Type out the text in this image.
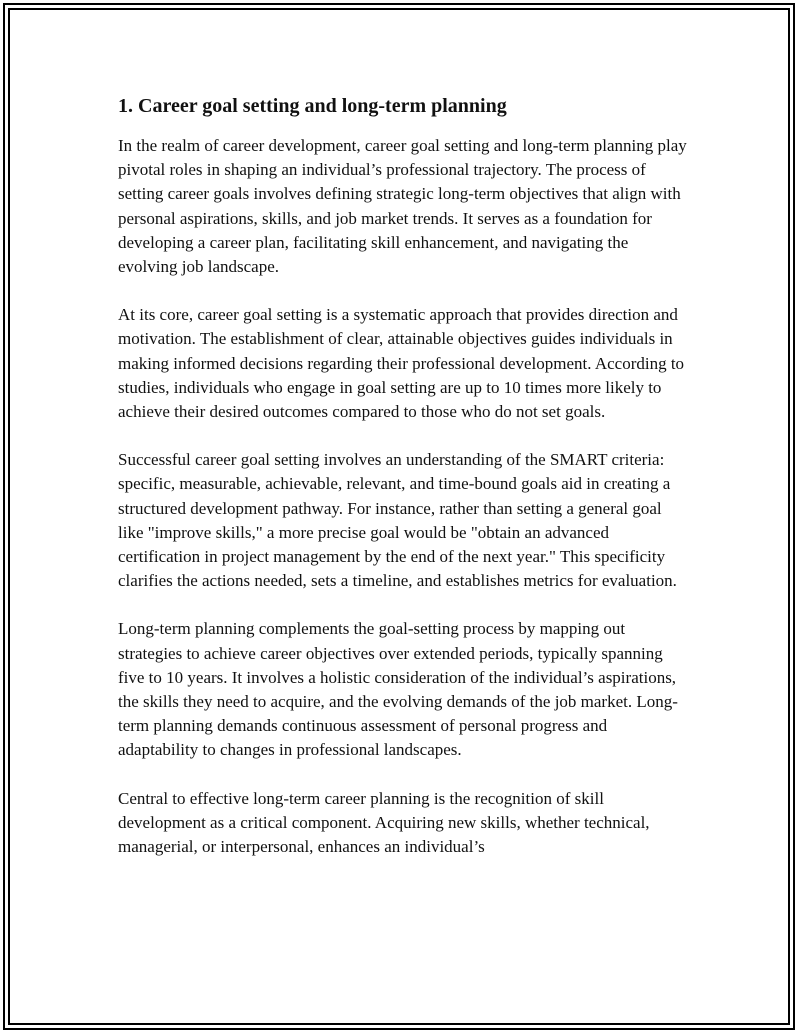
1. Career goal setting and long-term planning

In the realm of career development, career goal setting and long-term planning play pivotal roles in shaping an individual’s professional trajectory. The process of setting career goals involves defining strategic long-term objectives that align with personal aspirations, skills, and job market trends. It serves as a foundation for developing a career plan, facilitating skill enhancement, and navigating the evolving job landscape.

At its core, career goal setting is a systematic approach that provides direction and motivation. The establishment of clear, attainable objectives guides individuals in making informed decisions regarding their professional development. According to studies, individuals who engage in goal setting are up to 10 times more likely to achieve their desired outcomes compared to those who do not set goals.

Successful career goal setting involves an understanding of the SMART criteria: specific, measurable, achievable, relevant, and time-bound goals aid in creating a structured development pathway. For instance, rather than setting a general goal like "improve skills," a more precise goal would be "obtain an advanced certification in project management by the end of the next year." This specificity clarifies the actions needed, sets a timeline, and establishes metrics for evaluation.

Long-term planning complements the goal-setting process by mapping out strategies to achieve career objectives over extended periods, typically spanning five to 10 years. It involves a holistic consideration of the individual’s aspirations, the skills they need to acquire, and the evolving demands of the job market. Long-term planning demands continuous assessment of personal progress and adaptability to changes in professional landscapes.

Central to effective long-term career planning is the recognition of skill development as a critical component. Acquiring new skills, whether technical, managerial, or interpersonal, enhances an individual’s
